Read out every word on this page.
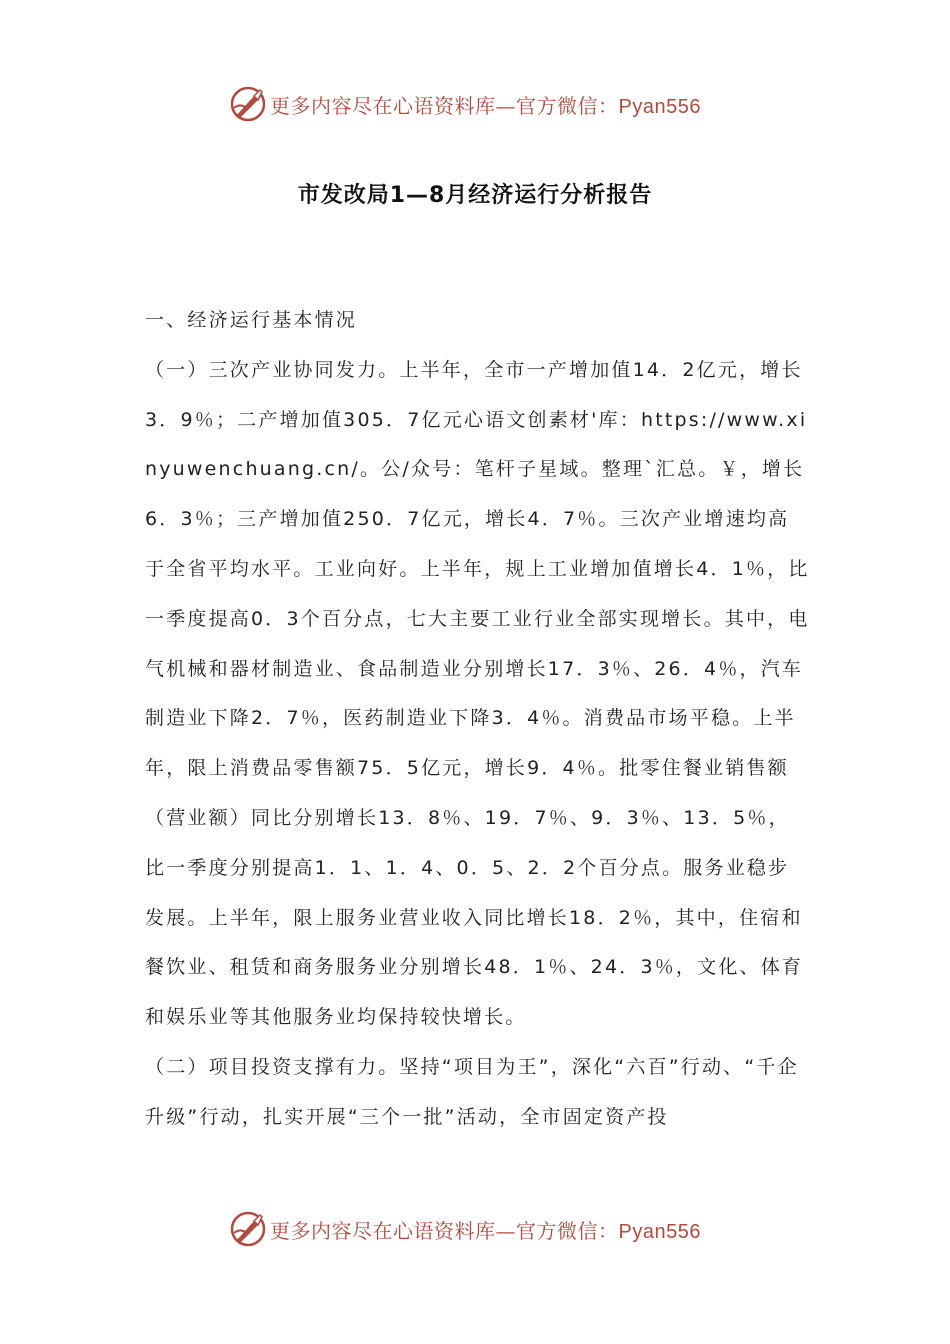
更多内容尽在心语资料库—官方微信：Pyan556
市发改局1—8月经济运行分析报告

一、经济运行基本情况

（一）三次产业协同发力。上半年，全市一产增加值14．2亿元，增长3．9％；二产增加值305．7亿元心语文创素材'库：https://www.xinyuwenchuang.cn/。公/众号：笔杆子星域。整理`汇总。￥，增长6．3％；三产增加值250．7亿元，增长4．7％。三次产业增速均高于全省平均水平。工业向好。上半年，规上工业增加值增长4．1％，比一季度提高0．3个百分点，七大主要工业行业全部实现增长。其中，电气机械和器材制造业、食品制造业分别增长17．3％、26．4％，汽车制造业下降2．7％，医药制造业下降3．4％。消费品市场平稳。上半年，限上消费品零售额75．5亿元，增长9．4％。批零住餐业销售额（营业额）同比分别增长13．8％、19．7％、9．3％、13．5％，比一季度分别提高1．1、1．4、0．5、2．2个百分点。服务业稳步发展。上半年，限上服务业营业收入同比增长18．2％，其中，住宿和餐饮业、租赁和商务服务业分别增长48．1％、24．3％，文化、体育和娱乐业等其他服务业均保持较快增长。

（二）项目投资支撑有力。坚持“项目为王”，深化“六百”行动、“千企升级”行动，扎实开展“三个一批”活动，全市固定资产投

更多内容尽在心语资料库—官方微信：Pyan556
